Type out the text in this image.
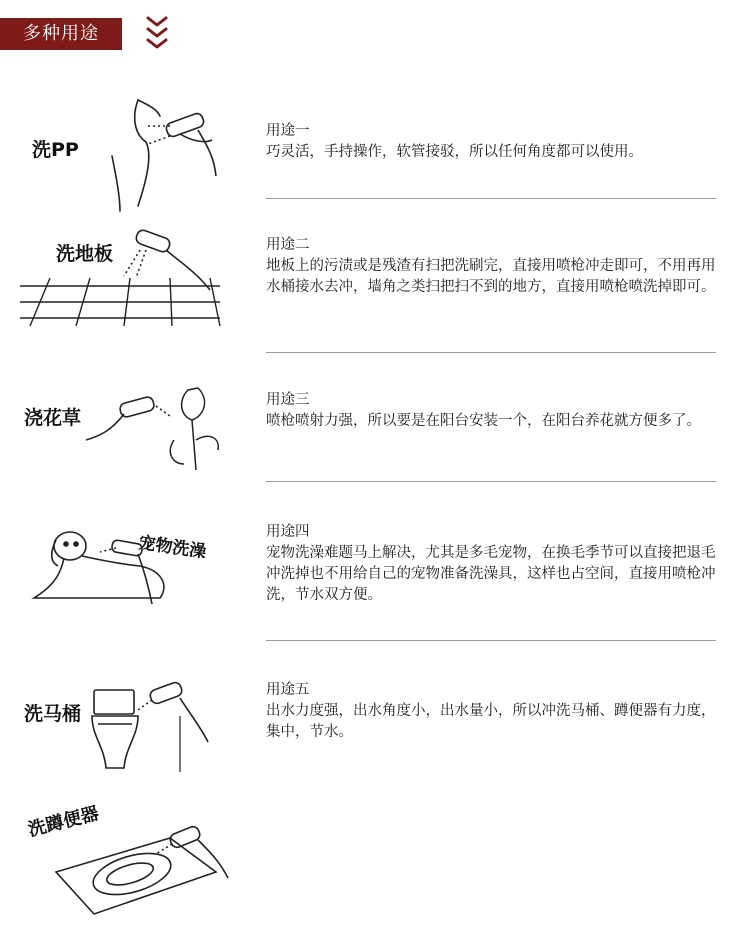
多种用途
洗PP
用途一
巧灵活，手持操作，软管接驳，所以任何角度都可以使用。
洗地板	用途二
地板上的污渍或是残渣有扫把洗刷完，直接用喷枪冲走即可，不用再用水桶接水去冲，墙角之类扫把扫不到的地方，直接用喷枪喷洗掉即可。
浇花草
用途三
喷枪喷射力强，所以要是在阳台安装一个，在阳台养花就方便多了。
宠物洗澡
用途四
宠物洗澡难题马上解决，尤其是多毛宠物，在换毛季节可以直接把退毛冲洗掉也不用给自己的宠物准备洗澡具，这样也占空间，直接用喷枪冲洗，节水双方便。
洗马桶
用途五
出水力度强，出水角度小，出水量小，所以冲洗马桶、蹲便器有力度，集中，节水。
洗蹲便器
